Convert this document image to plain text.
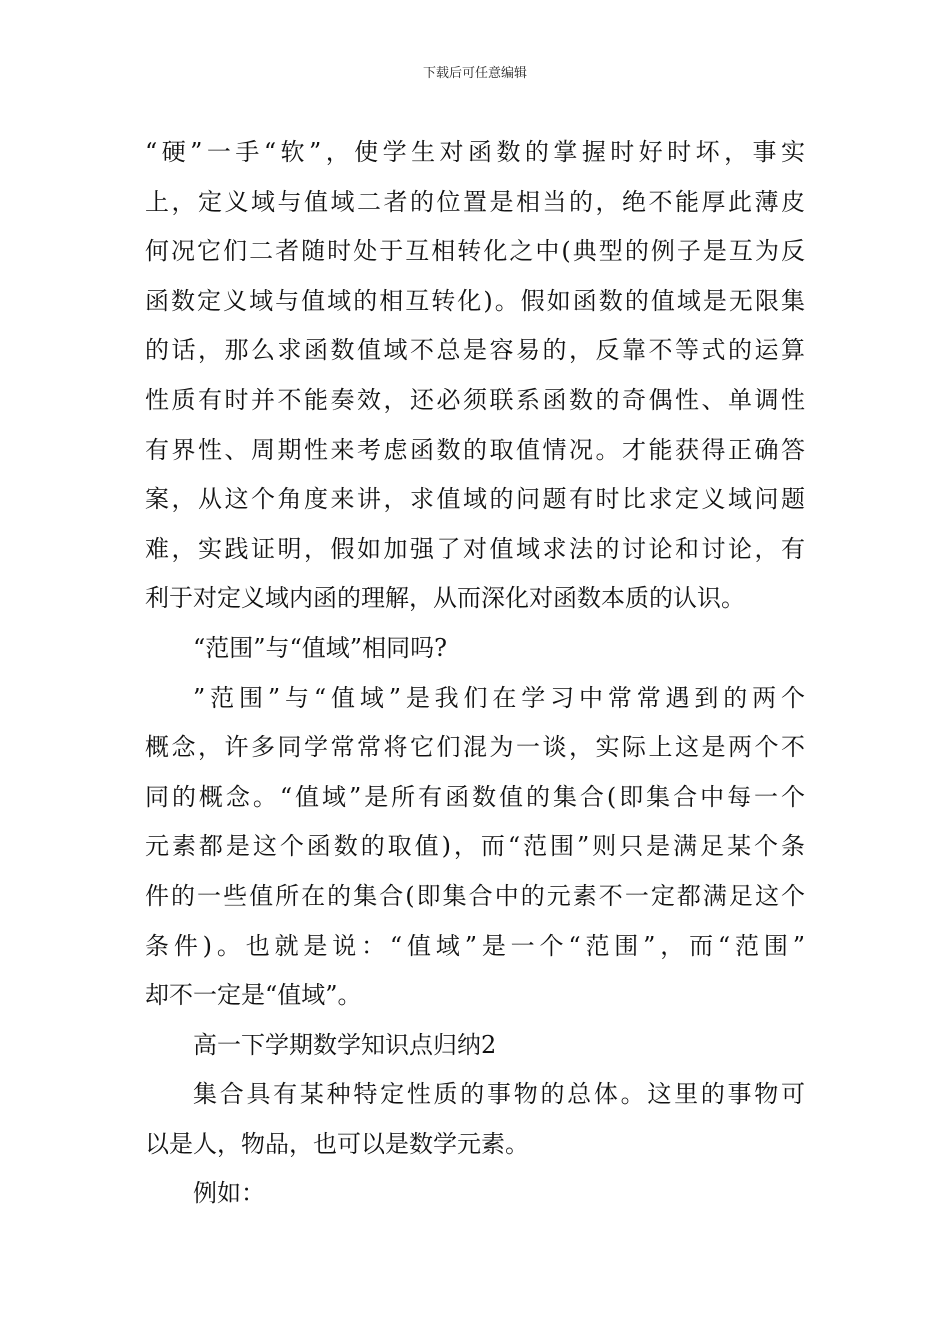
下载后可任意编辑
“硬”一手“软”，使学生对函数的掌握时好时坏，事实
上，定义域与值域二者的位置是相当的，绝不能厚此薄皮
何况它们二者随时处于互相转化之中(典型的例子是互为反
函数定义域与值域的相互转化)。假如函数的值域是无限集
的话，那么求函数值域不总是容易的，反靠不等式的运算
性质有时并不能奏效，还必须联系函数的奇偶性、单调性
有界性、周期性来考虑函数的取值情况。才能获得正确答
案，从这个角度来讲，求值域的问题有时比求定义域问题
难，实践证明，假如加强了对值域求法的讨论和讨论，有
利于对定义域内函的理解，从而深化对函数本质的认识。
“范围”与“值域”相同吗?
”范围”与“值域”是我们在学习中常常遇到的两个
概念，许多同学常常将它们混为一谈，实际上这是两个不
同的概念。“值域”是所有函数值的集合(即集合中每一个
元素都是这个函数的取值)，而“范围”则只是满足某个条
件的一些值所在的集合(即集合中的元素不一定都满足这个
条件)。也就是说：“值域”是一个“范围”，而“范围”
却不一定是“值域”。
高一下学期数学知识点归纳2
集合具有某种特定性质的事物的总体。这里的事物可
以是人，物品，也可以是数学元素。
例如：
